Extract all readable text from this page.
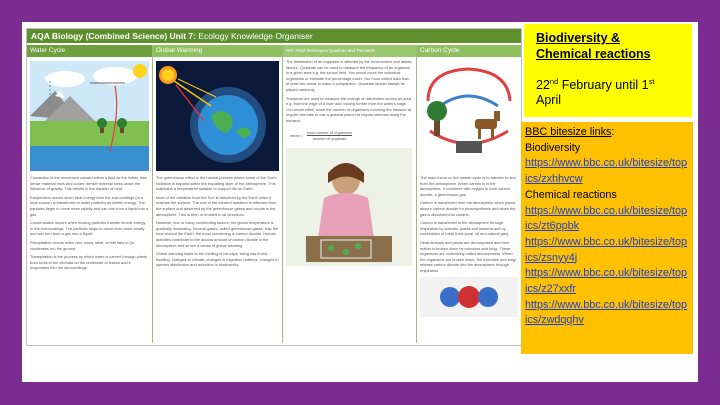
AQA Biology (Combined Science) Unit 7: Ecology Knowledge Organiser
Water Cycle

Convection is the movement caused within a fluid as the hotter, less dense material rises and colder, denser material sinks under the influence of gravity. This results in the transfer of heat.

Evaporation occurs when heat energy from the surroundings (or a heat source) is transferred to water particles as kinetic energy. The particles begin to move more rapidly and can turn from a liquid into a gas.

Condensation occurs when moving particles transfer kinetic energy to the surroundings. The particles begin to move even more slowly and can turn from a gas into a liquid.

Precipitation occurs when rain, snow, sleet, or hail falls to (or condenses on) the ground.

Transpiration is the process by which water is carried through plants from roots to the stomata on the underside of leaves and it evaporates into the surroundings.

Global Warming

The greenhouse effect is the natural process where some of the Sun's radiation is trapped within the insulating layer of the atmosphere. This maintains a temperature suitable to support life on Earth.

Most of the radiation from the Sun is absorbed by the Earth when it reaches the surface. The rest of the infrared radiation is reflected from the surface and absorbed by the greenhouse gases and clouds in the atmosphere. This is then re-emitted in all directions.

However, due to many contributing factors, the global temperature is gradually increasing. Several gases, called greenhouse gases, trap the heat around the Earth; the most concerning is carbon dioxide. Human activities contribute to the accuss amount of carbon dioxide in the atmosphere and so are a cause of global warming.

Global warming leads to the melting of ice caps, rising sea levels, flooding, changes to climate, changes in migration patterns, changes in species distribution and reduction in biodiversity.

RPI: Field Techniques Quadrats and Transects

The distribution of an organism is affected by the environment and abiotic factors. Quadrats can be used to measure the frequency of an organism in a given area e.g. the school field. You would count the individual organisms or estimate the percentage cover. You must collect data from at least two areas to make a comparison. Quadrats should always be placed randomly.

Transects are used to measure the change of distribution across an area e.g. from the edge of a river and moving further from the water's edge. You would either count the number of organisms touching the transect at regular intervals or use a quadrat placed at regular intervals along the transect.

mean =
total number of organisms
number of quadrats
Carbon Cycle

The main focus on the carbon cycle is to transfer to and from the atmosphere. When carbon is in the atmosphere, it combines with oxygen to form carbon dioxide, a greenhouse gas.

Carbon is transferred from the atmosphere when plants absorb carbon dioxide for photosynthesis and when the gas is dissolved into oceans.

Carbon is transferred to the atmosphere through respiration by animals, plants and bacteria and by combustion of fossil fuels (coal, oil and natural gas).

Dead animals and plants are decomposed and their matter is broken down by microbes and fungi. These organisms are collectively called decomposers. When the organisms are broken down, the microbes and fungi release carbon dioxide into the atmosphere through respiration.

Biodiversity &
Chemical reactions
22nd February until 1st
April
BBC bitesize links:
Biodiversity
https://www.bbc.co.uk/bitesize/topics/zxhhvcw
Chemical reactions
https://www.bbc.co.uk/bitesize/topics/zt6ppbk
https://www.bbc.co.uk/bitesize/topics/zsnyy4j
https://www.bbc.co.uk/bitesize/topics/z27xxfr
https://www.bbc.co.uk/bitesize/topics/zwdqqhv
